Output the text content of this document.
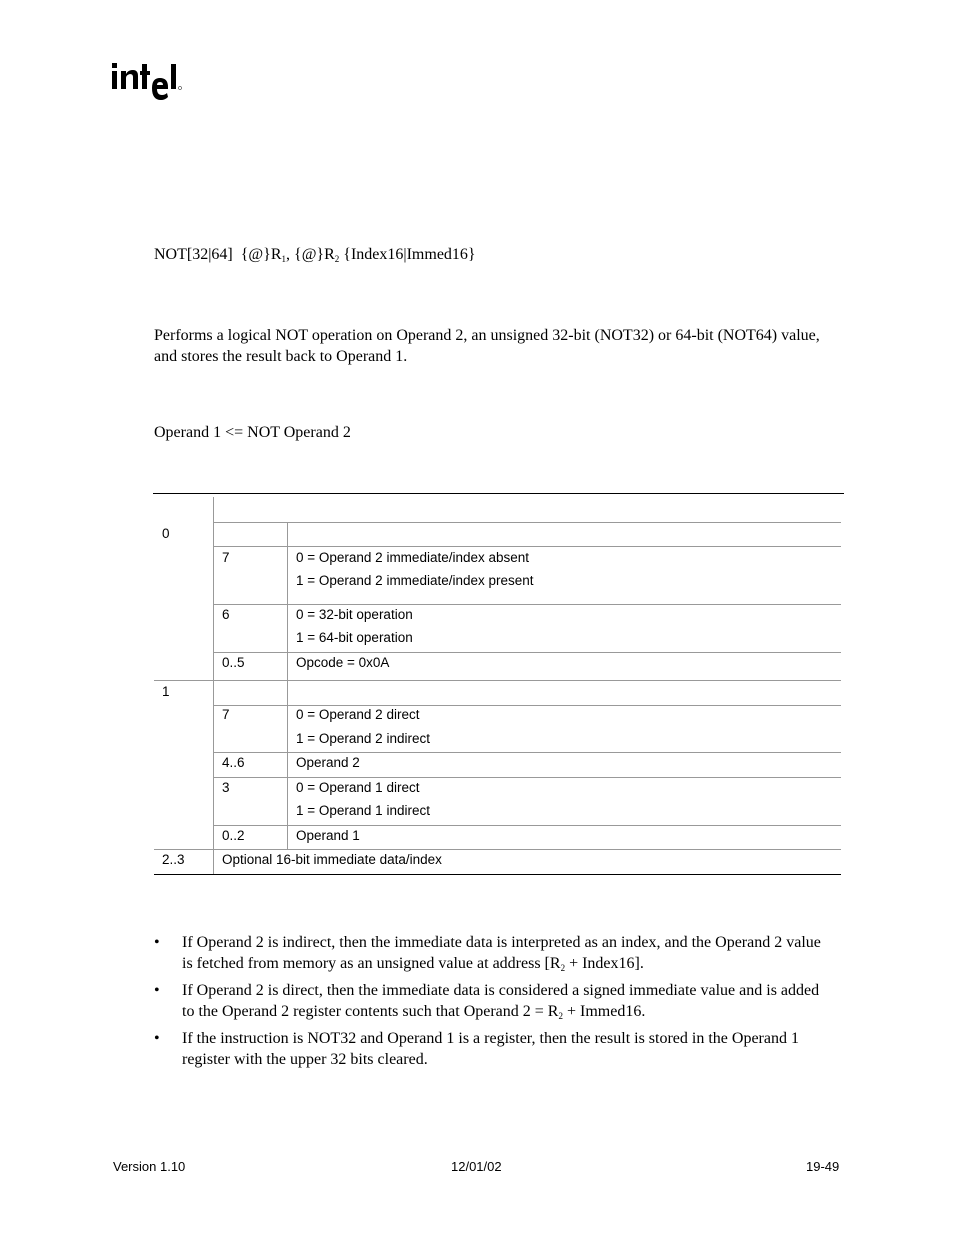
NOT[32|64] $\{@\}R_1$, $\{@\}R_2$ {Index16|Immed16}
Performs a logical NOT operation on Operand 2, an unsigned 32-bit (NOT32) or 64-bit (NOT64) value, and stores the result back to Operand 1.
Operand 1 <= NOT Operand 2
0
7	0 = Operand 2 immediate/index absent
1 = Operand 2 immediate/index present
6	0 = 32-bit operation
1 = 64-bit operation
0..5	Opcode = 0x0A
1
7	0 = Operand 2 direct
1 = Operand 2 indirect
4..6	Operand 2
3	0 = Operand 1 direct
1 = Operand 1 indirect
0..2	Operand 1
2..3	Optional 16-bit immediate data/index
• If Operand 2 is indirect, then the immediate data is interpreted as an index, and the Operand 2 value is fetched from memory as an unsigned value at address [$R_2$ + Index16].
• If Operand 2 is direct, then the immediate data is considered a signed immediate value and is added to the Operand 2 register contents such that Operand $2 = R_2$ + Immed16.
• If the instruction is NOT32 and Operand 1 is a register, then the result is stored in the Operand 1 register with the upper 32 bits cleared.
Version 1.10	12/01/02	19-49
